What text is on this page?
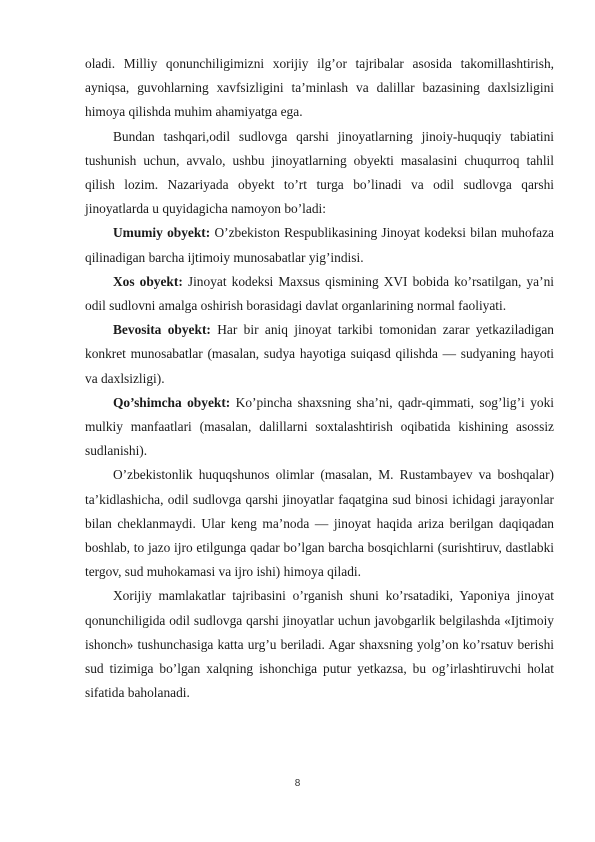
oladi. Milliy qonunchiligimizni xorijiy ilg’or tajribalar asosida takomillashtirish, ayniqsa, guvohlarning xavfsizligini ta’minlash va dalillar bazasining daxlsizligini himoya qilishda muhim ahamiyatga ega.

Bundan tashqari,odil sudlovga qarshi jinoyatlarning jinoiy-huquqiy tabiatini tushunish uchun, avvalo, ushbu jinoyatlarning obyekti masalasini chuqurroq tahlil qilish lozim. Nazariyada obyekt to’rt turga bo’linadi va odil sudlovga qarshi jinoyatlarda u quyidagicha namoyon bo’ladi:

Umumiy obyekt: O’zbekiston Respublikasining Jinoyat kodeksi bilan muhofaza qilinadigan barcha ijtimoiy munosabatlar yig’indisi.

Xos obyekt: Jinoyat kodeksi Maxsus qismining XVI bobida ko’rsatilgan, ya’ni odil sudlovni amalga oshirish borasidagi davlat organlarining normal faoliyati.

Bevosita obyekt: Har bir aniq jinoyat tarkibi tomonidan zarar yetkaziladigan konkret munosabatlar (masalan, sudya hayotiga suiqasd qilishda — sudyaning hayoti va daxlsizligi).

Qo’shimcha obyekt: Ko’pincha shaxsning sha’ni, qadr-qimmati, sog’lig’i yoki mulkiy manfaatlari (masalan, dalillarni soxtalashtirish oqibatida kishining asossiz sudlanishi).

O’zbekistonlik huquqshunos olimlar (masalan, M. Rustambayev va boshqalar) ta’kidlashicha, odil sudlovga qarshi jinoyatlar faqatgina sud binosi ichidagi jarayonlar bilan cheklanmaydi. Ular keng ma’noda — jinoyat haqida ariza berilgan daqiqadan boshlab, to jazo ijro etilgunga qadar bo’lgan barcha bosqichlarni (surishtiruv, dastlabki tergov, sud muhokamasi va ijro ishi) himoya qiladi.

Xorijiy mamlakatlar tajribasini o’rganish shuni ko’rsatadiki, Yaponiya jinoyat qonunchiligida odil sudlovga qarshi jinoyatlar uchun javobgarlik belgilashda «Ijtimoiy ishonch» tushunchasiga katta urg’u beriladi. Agar shaxsning yolg’on ko’rsatuv berishi sud tizimiga bo’lgan xalqning ishonchiga putur yetkazsa, bu og’irlashtiruvchi holat sifatida baholanadi.

8
